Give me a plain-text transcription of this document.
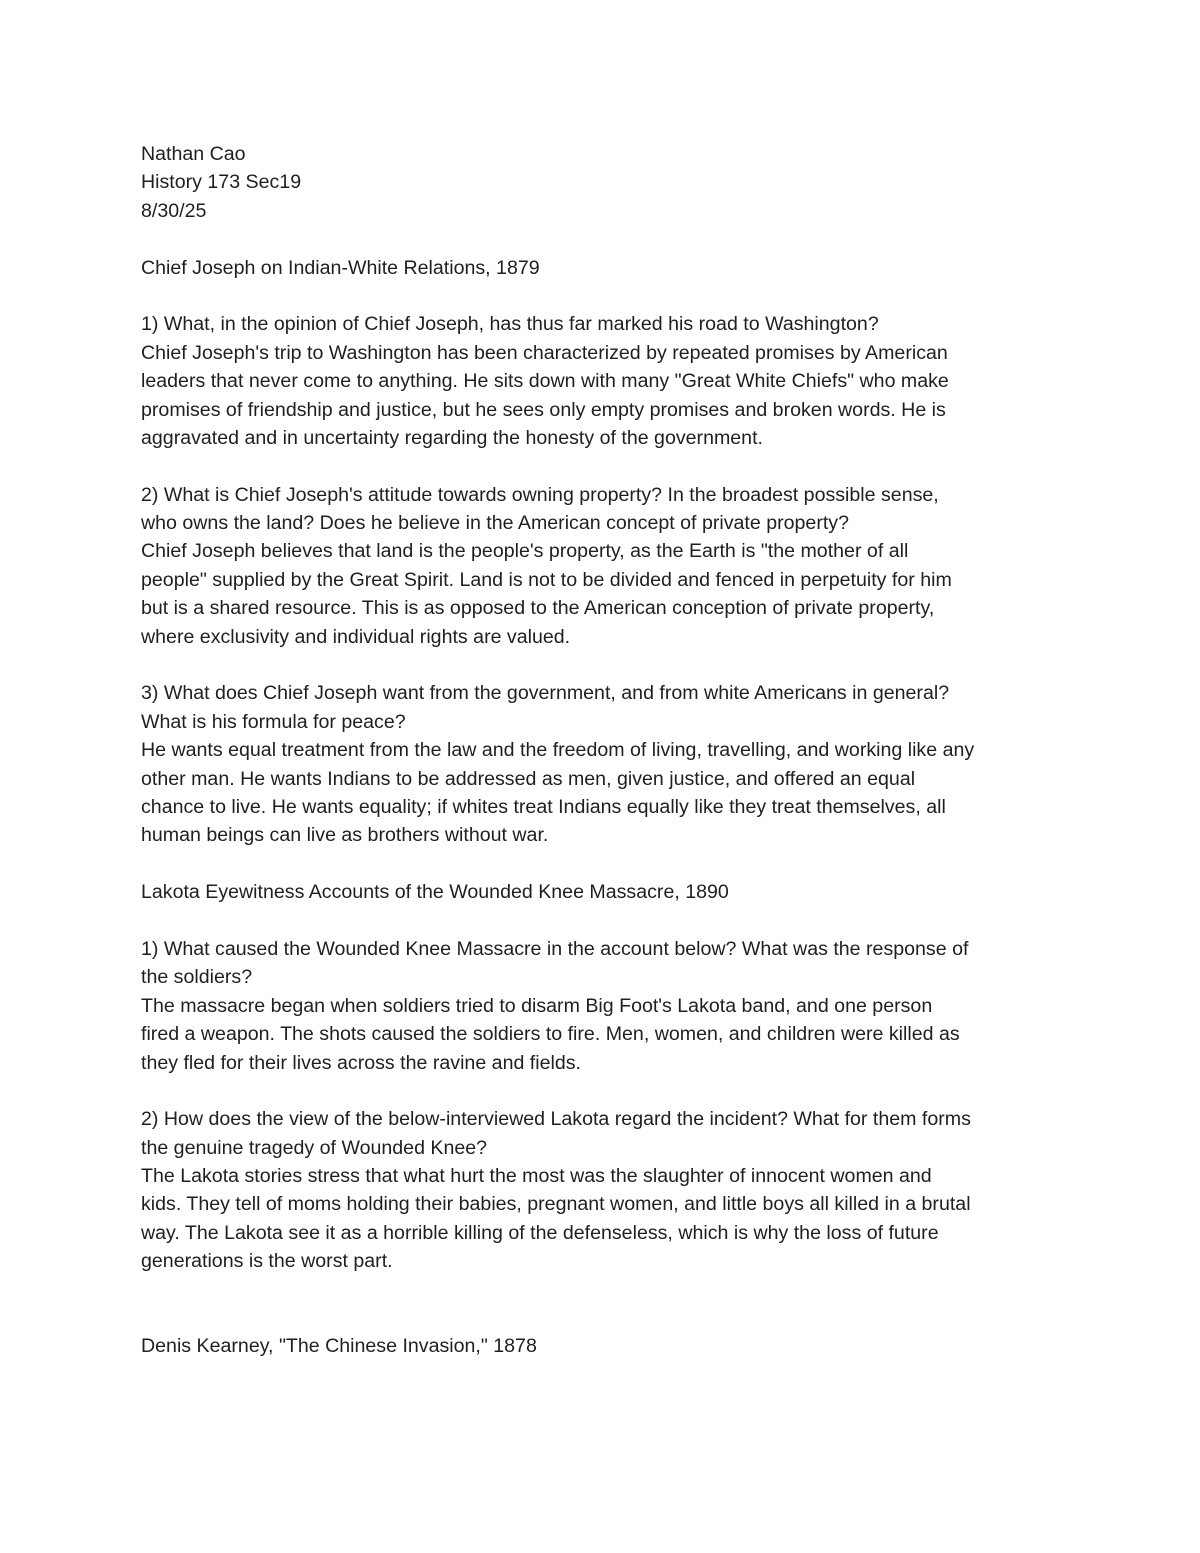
Nathan Cao
History 173 Sec19
8/30/25
Chief Joseph on Indian-White Relations, 1879
1) What, in the opinion of Chief Joseph, has thus far marked his road to Washington?
Chief Joseph's trip to Washington has been characterized by repeated promises by American
leaders that never come to anything. He sits down with many "Great White Chiefs" who make
promises of friendship and justice, but he sees only empty promises and broken words. He is
aggravated and in uncertainty regarding the honesty of the government.
2) What is Chief Joseph's attitude towards owning property? In the broadest possible sense,
who owns the land? Does he believe in the American concept of private property?
Chief Joseph believes that land is the people's property, as the Earth is "the mother of all
people" supplied by the Great Spirit. Land is not to be divided and fenced in perpetuity for him
but is a shared resource. This is as opposed to the American conception of private property,
where exclusivity and individual rights are valued.
3) What does Chief Joseph want from the government, and from white Americans in general?
What is his formula for peace?
He wants equal treatment from the law and the freedom of living, travelling, and working like any
other man. He wants Indians to be addressed as men, given justice, and offered an equal
chance to live. He wants equality; if whites treat Indians equally like they treat themselves, all
human beings can live as brothers without war.
Lakota Eyewitness Accounts of the Wounded Knee Massacre, 1890
1) What caused the Wounded Knee Massacre in the account below? What was the response of
the soldiers?
The massacre began when soldiers tried to disarm Big Foot's Lakota band, and one person
fired a weapon. The shots caused the soldiers to fire. Men, women, and children were killed as
they fled for their lives across the ravine and fields.
2) How does the view of the below-interviewed Lakota regard the incident? What for them forms
the genuine tragedy of Wounded Knee?
The Lakota stories stress that what hurt the most was the slaughter of innocent women and
kids. They tell of moms holding their babies, pregnant women, and little boys all killed in a brutal
way. The Lakota see it as a horrible killing of the defenseless, which is why the loss of future
generations is the worst part.
Denis Kearney, "The Chinese Invasion," 1878
